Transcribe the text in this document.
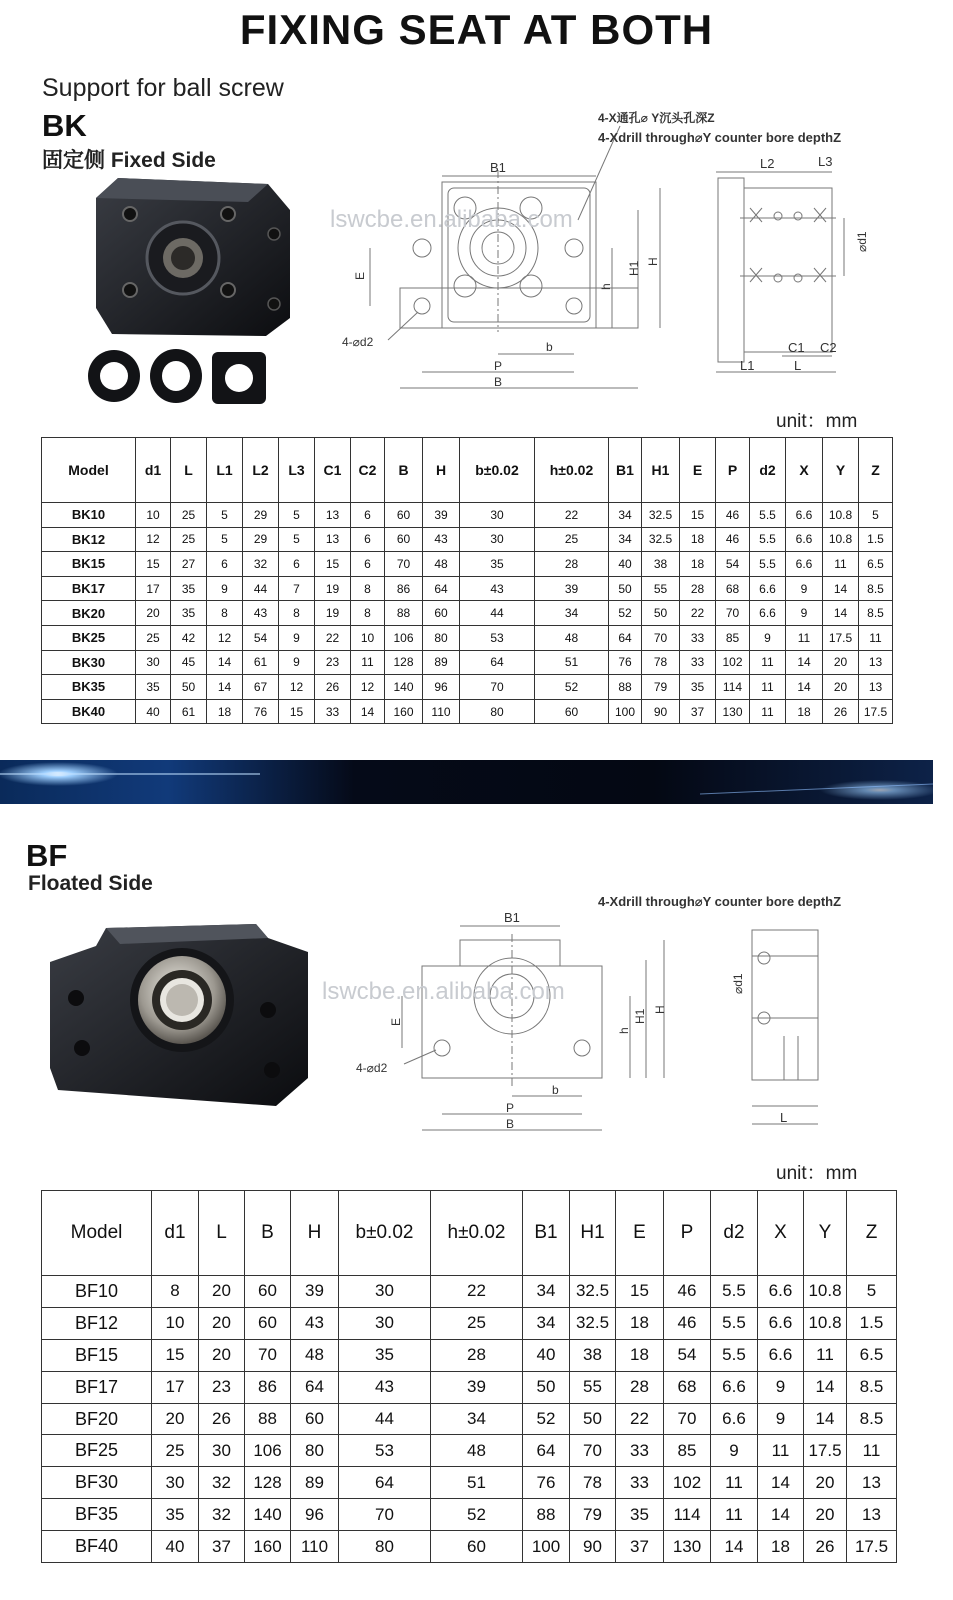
FIXING SEAT AT BOTH
Support for ball screw
BK
固定侧 Fixed Side
4-X通孔⌀ Y沉头孔深Z
B1
E
h
H1 H
4-⌀d2	b
P
B
lswcbe.en.alibaba.com
4-Xdrill through⌀Y counter bore depthZ
L2	L3
⌀d1
C1 C2
L1	L
unit：mm
Model	d1	L	L1	L2	L3	C1	C2	B	H	b±0.02	h±0.02	B1	H1	E	P	d2	X	Y	Z
BK10	10	25	5	29	5	13	6	60	39	30	22	34	32.5	15	46	5.5	6.6	10.8	5
BK12	12	25	5	29	5	13	6	60	43	30	25	34	32.5	18	46	5.5	6.6	10.8	1.5
BK15	15	27	6	32	6	15	6	70	48	35	28	40	38	18	54	5.5	6.6	11	6.5
BK17	17	35	9	44	7	19	8	86	64	43	39	50	55	28	68	6.6	9	14	8.5
BK20	20	35	8	43	8	19	8	88	60	44	34	52	50	22	70	6.6	9	14	8.5
BK25	25	42	12	54	9	22	10	106	80	53	48	64	70	33	85	9	11	17.5	11
BK30	30	45	14	61	9	23	11	128	89	64	51	76	78	33	102	11	14	20	13
BK35	35	50	14	67	12	26	12	140	96	70	52	88	79	35	114	11	14	20	13
BK40	40	61	18	76	15	33	14	160	110	80	60	100	90	37	130	11	18	26	17.5
BF
Floated Side
B1
E
h
H1 H
4-⌀d2
b
P
B
lswcbe.en.alibaba.com
4-Xdrill through⌀Y counter bore depthZ
⌀d1
L
unit：mm
Model	d1	L	B	H	b±0.02	h±0.02	B1	H1	E	P	d2	X	Y	Z
BF10	8	20	60	39	30	22	34	32.5	15	46	5.5	6.6	10.8	5
BF12	10	20	60	43	30	25	34	32.5	18	46	5.5	6.6	10.8	1.5
BF15	15	20	70	48	35	28	40	38	18	54	5.5	6.6	11	6.5
BF17	17	23	86	64	43	39	50	55	28	68	6.6	9	14	8.5
BF20	20	26	88	60	44	34	52	50	22	70	6.6	9	14	8.5
BF25	25	30	106	80	53	48	64	70	33	85	9	11	17.5	11
BF30	30	32	128	89	64	51	76	78	33	102	11	14	20	13
BF35	35	32	140	96	70	52	88	79	35	114	11	14	20	13
BF40	40	37	160	110	80	60	100	90	37	130	14	18	26	17.5
